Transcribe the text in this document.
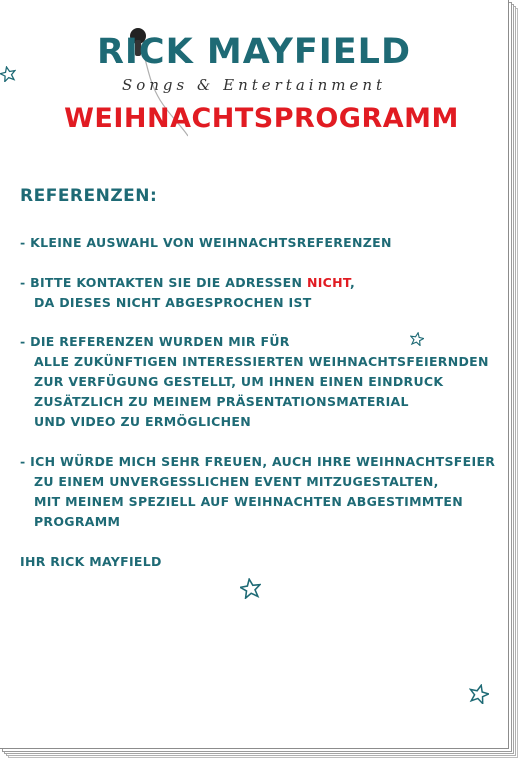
RICK MAYFIELD
Songs & Entertainment
WEIHNACHTSPROGRAMM
REFERENZEN:
- KLEINE AUSWAHL VON WEIHNACHTSREFERENZEN
- BITTE KONTAKTEN SIE DIE ADRESSEN NICHT,
DA DIESES NICHT ABGESPROCHEN IST
- DIE REFERENZEN WURDEN MIR FÜR
ALLE ZUKÜNFTIGEN INTERESSIERTEN WEIHNACHTSFEIERNDEN
ZUR VERFÜGUNG GESTELLT, UM IHNEN EINEN EINDRUCK
ZUSÄTZLICH ZU MEINEM PRÄSENTATIONSMATERIAL
UND VIDEO ZU ERMÖGLICHEN
- ICH WÜRDE MICH SEHR FREUEN, AUCH IHRE WEIHNACHTSFEIER
ZU EINEM UNVERGESSLICHEN EVENT MITZUGESTALTEN,
MIT MEINEM SPEZIELL AUF WEIHNACHTEN ABGESTIMMTEN
PROGRAMM
IHR RICK MAYFIELD
